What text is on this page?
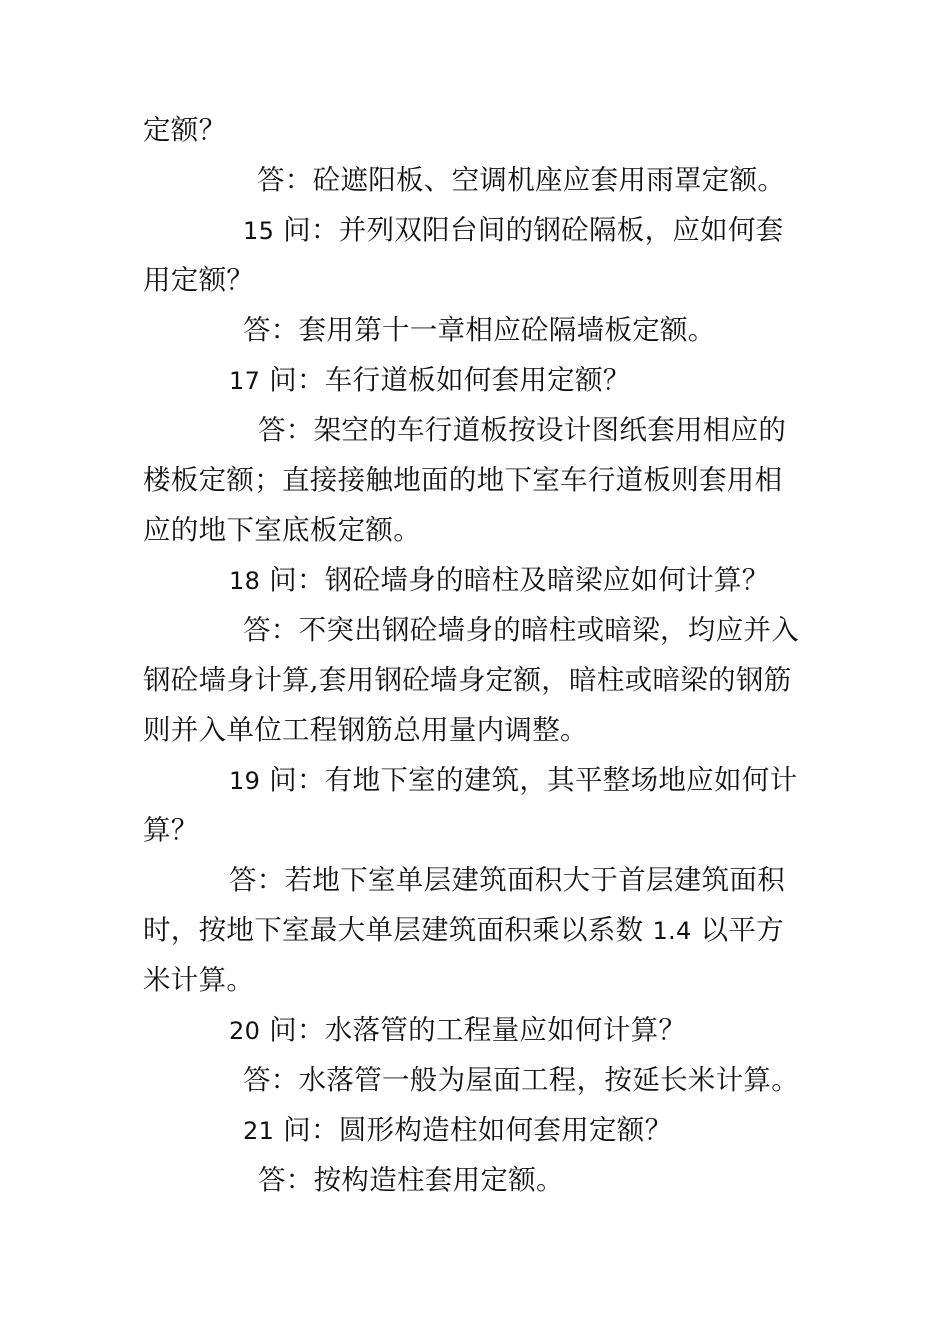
定额？
答：砼遮阳板、空调机座应套用雨罩定额。
15 问：并列双阳台间的钢砼隔板，应如何套
用定额？
答：套用第十一章相应砼隔墙板定额。
17 问：车行道板如何套用定额？
答：架空的车行道板按设计图纸套用相应的
楼板定额；直接接触地面的地下室车行道板则套用相
应的地下室底板定额。
18 问：钢砼墙身的暗柱及暗梁应如何计算？
答：不突出钢砼墙身的暗柱或暗梁，均应并入
钢砼墙身计算,套用钢砼墙身定额，暗柱或暗梁的钢筋
则并入单位工程钢筋总用量内调整。
19 问：有地下室的建筑，其平整场地应如何计
算？
答：若地下室单层建筑面积大于首层建筑面积
时，按地下室最大单层建筑面积乘以系数 1.4 以平方
米计算。
20 问：水落管的工程量应如何计算？
答：水落管一般为屋面工程，按延长米计算。
21 问：圆形构造柱如何套用定额？
答：按构造柱套用定额。
